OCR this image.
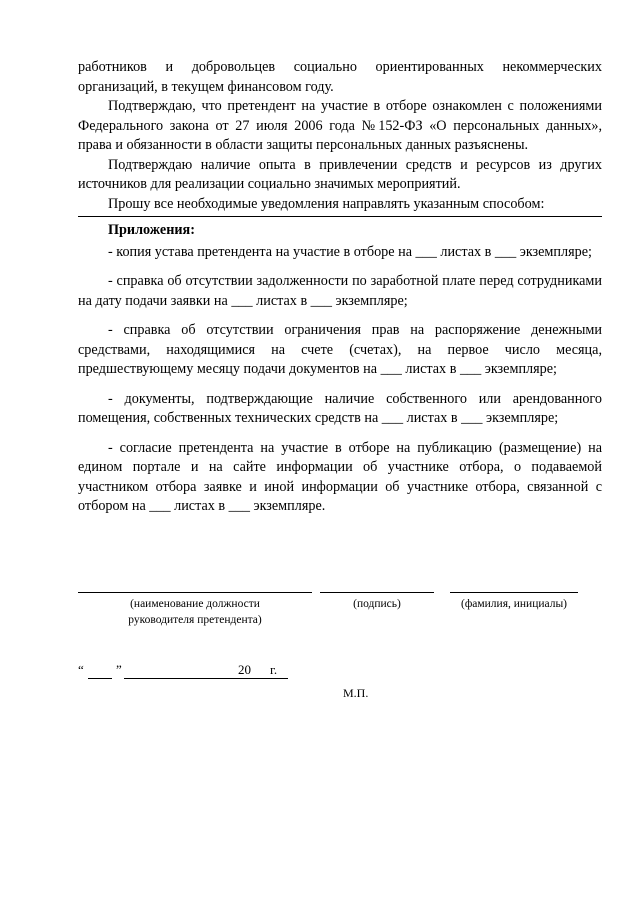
работников и добровольцев социально ориентированных некоммерческих организаций, в текущем финансовом году.

Подтверждаю, что претендент на участие в отборе ознакомлен с положениями Федерального закона от 27 июля 2006 года №152-ФЗ «О персональных данных», права и обязанности в области защиты персональных данных разъяснены.

Подтверждаю наличие опыта в привлечении средств и ресурсов из других источников для реализации социально значимых мероприятий.

Прошу все необходимые уведомления направлять указанным способом:

Приложения:

- копия устава претендента на участие в отборе на ___ листах в ___ экземпляре;

- справка об отсутствии задолженности по заработной плате перед сотрудниками на дату подачи заявки на ___ листах в ___ экземпляре;

- справка об отсутствии ограничения прав на распоряжение денежными средствами, находящимися на счете (счетах), на первое число месяца, предшествующему месяцу подачи документов на ___ листах в ___ экземпляре;

- документы, подтверждающие наличие собственного или арендованного помещения, собственных технических средств на ___ листах в ___ экземпляре;

- согласие претендента на участие в отборе на публикацию (размещение) на едином портале и на сайте информации об участнике отбора, о подаваемой участником отбора заявке и иной информации об участнике отбора, связанной с отбором на ___ листах в ___ экземпляре.

(наименование должности руководителя претендента)
(подпись)	(фамилия, инициалы)
“ ”	20 г.
М.П.
